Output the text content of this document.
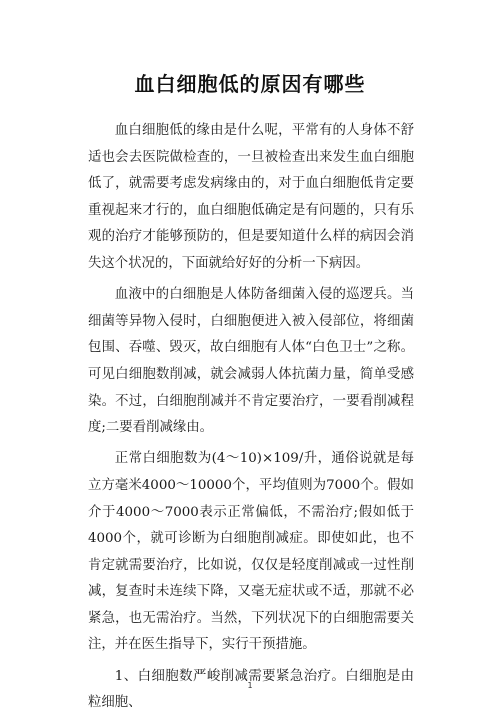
血白细胞低的原因有哪些

血白细胞低的缘由是什么呢，平常有的人身体不舒适也会去医院做检查的，一旦被检查出来发生血白细胞低了，就需要考虑发病缘由的，对于血白细胞低肯定要重视起来才行的，血白细胞低确定是有问题的，只有乐观的治疗才能够预防的，但是要知道什么样的病因会消失这个状况的，下面就给好好的分析一下病因。

血液中的白细胞是人体防备细菌入侵的巡逻兵。当细菌等异物入侵时，白细胞便进入被入侵部位，将细菌包围、吞噬、毁灭，故白细胞有人体“白色卫士”之称。可见白细胞数削减，就会减弱人体抗菌力量，简单受感染。不过，白细胞削减并不肯定要治疗，一要看削减程度;二要看削减缘由。

正常白细胞数为(4～10)×109/升，通俗说就是每立方毫米4000～10000个，平均值则为7000个。假如介于4000～7000表示正常偏低，不需治疗;假如低于4000个，就可诊断为白细胞削减症。即使如此，也不肯定就需要治疗，比如说，仅仅是轻度削减或一过性削减，复查时未连续下降，又毫无症状或不适，那就不必紧急，也无需治疗。当然，下列状况下的白细胞需要关注，并在医生指导下，实行干预措施。

1、白细胞数严峻削减需要紧急治疗。白细胞是由粒细胞、

1
